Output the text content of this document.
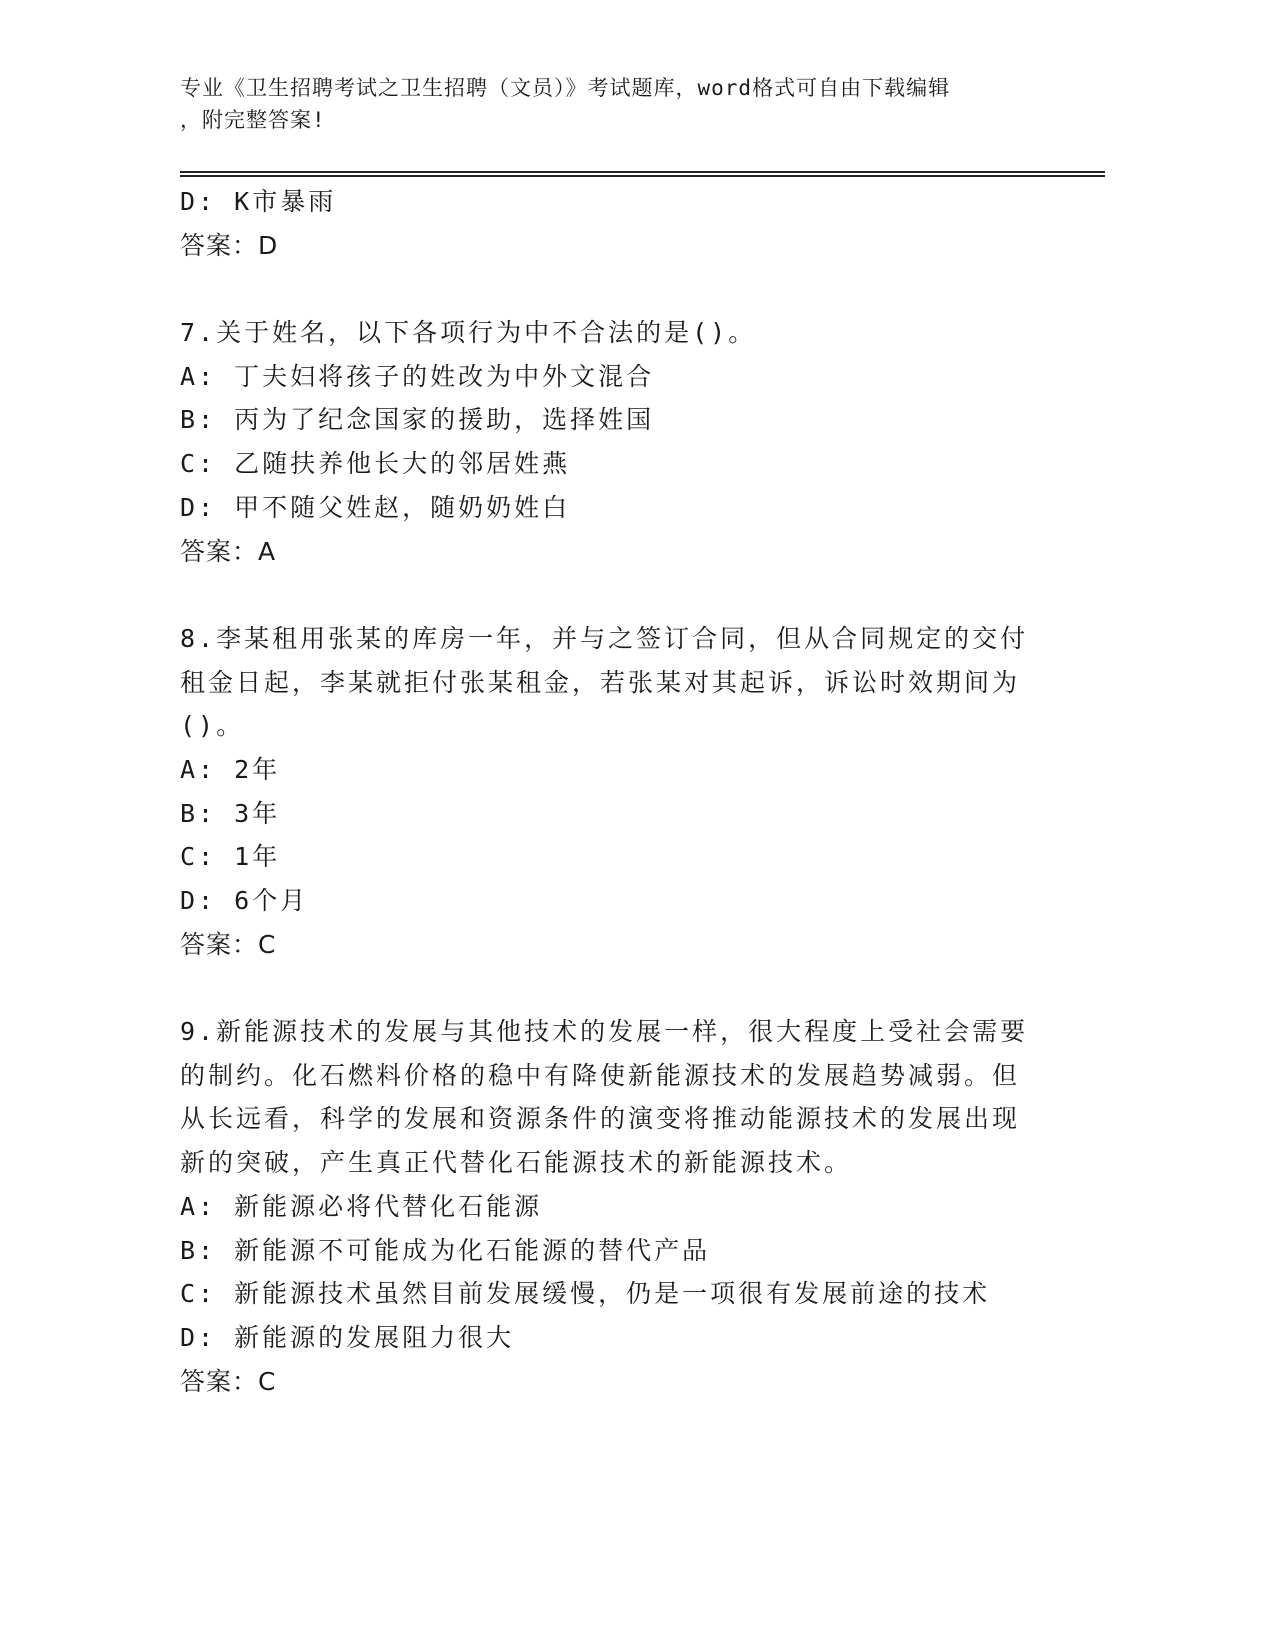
专业《卫生招聘考试之卫生招聘（文员）》考试题库，word格式可自由下载编辑
，附完整答案!
D: K市暴雨
答案：D
7.关于姓名，以下各项行为中不合法的是()。
A: 丁夫妇将孩子的姓改为中外文混合
B: 丙为了纪念国家的援助，选择姓国
C: 乙随扶养他长大的邻居姓燕
D: 甲不随父姓赵，随奶奶姓白
答案：A
8.李某租用张某的库房一年，并与之签订合同，但从合同规定的交付
租金日起，李某就拒付张某租金，若张某对其起诉，诉讼时效期间为
()。
A: 2年
B: 3年
C: 1年
D: 6个月
答案：C
9.新能源技术的发展与其他技术的发展一样，很大程度上受社会需要
的制约。化石燃料价格的稳中有降使新能源技术的发展趋势减弱。但
从长远看，科学的发展和资源条件的演变将推动能源技术的发展出现
新的突破，产生真正代替化石能源技术的新能源技术。
A: 新能源必将代替化石能源
B: 新能源不可能成为化石能源的替代产品
C: 新能源技术虽然目前发展缓慢，仍是一项很有发展前途的技术
D: 新能源的发展阻力很大
答案：C
